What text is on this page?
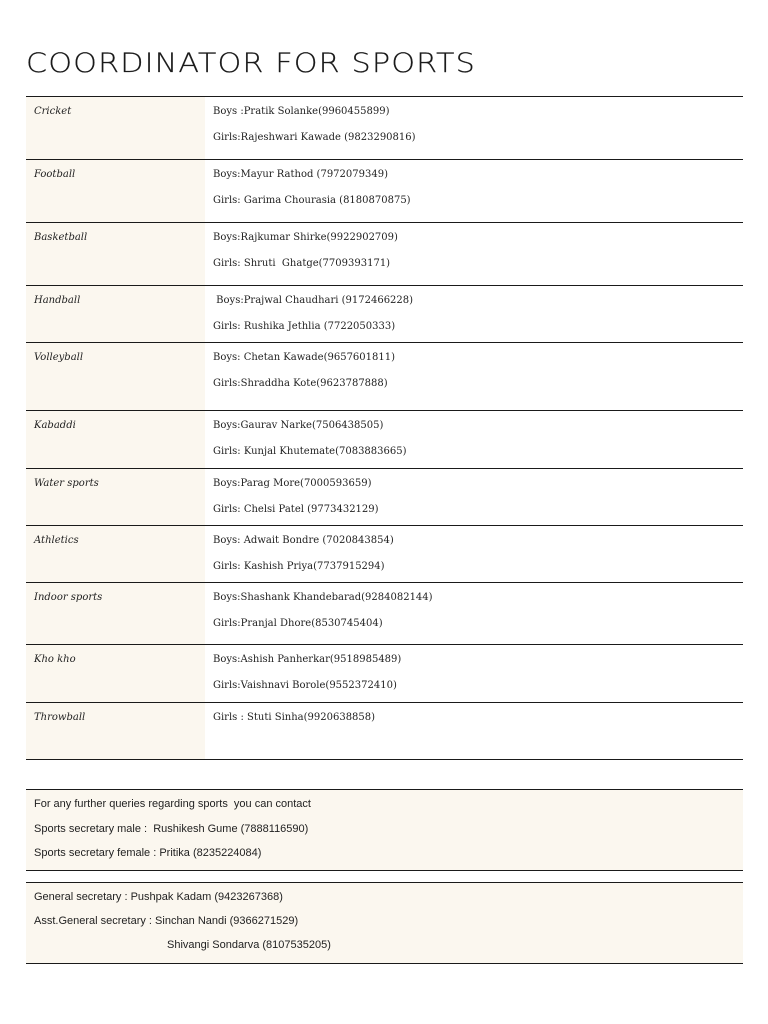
COORDINATOR FOR SPORTS
Cricket	Boys :Pratik Solanke(9960455899)
Girls:Rajeshwari Kawade (9823290816)
Football	Boys:Mayur Rathod (7972079349)
Girls: Garima Chourasia (8180870875)
Basketball	Boys:Rajkumar Shirke(9922902709)
Girls: Shruti  Ghatge(7709393171)
Handball	Boys:Prajwal Chaudhari (9172466228)
Girls: Rushika Jethlia (7722050333)
Volleyball	Boys: Chetan Kawade(9657601811)
Girls:Shraddha Kote(9623787888)
Kabaddi	Boys:Gaurav Narke(7506438505)
Girls: Kunjal Khutemate(7083883665)
Water sports	Boys:Parag More(7000593659)
Girls: Chelsi Patel (9773432129)
Athletics	Boys: Adwait Bondre (7020843854)
Girls: Kashish Priya(7737915294)
Indoor sports	Boys:Shashank Khandebarad(9284082144)
Girls:Pranjal Dhore(8530745404)
Kho kho	Boys:Ashish Panherkar(9518985489)
Girls:Vaishnavi Borole(9552372410)
Throwball	Girls : Stuti Sinha(9920638858)
For any further queries regarding sports  you can contact
Sports secretary male :  Rushikesh Gume (7888116590)
Sports secretary female : Pritika (8235224084)
General secretary : Pushpak Kadam (9423267368)
Asst.General secretary : Sinchan Nandi (9366271529)
Shivangi Sondarva (8107535205)
